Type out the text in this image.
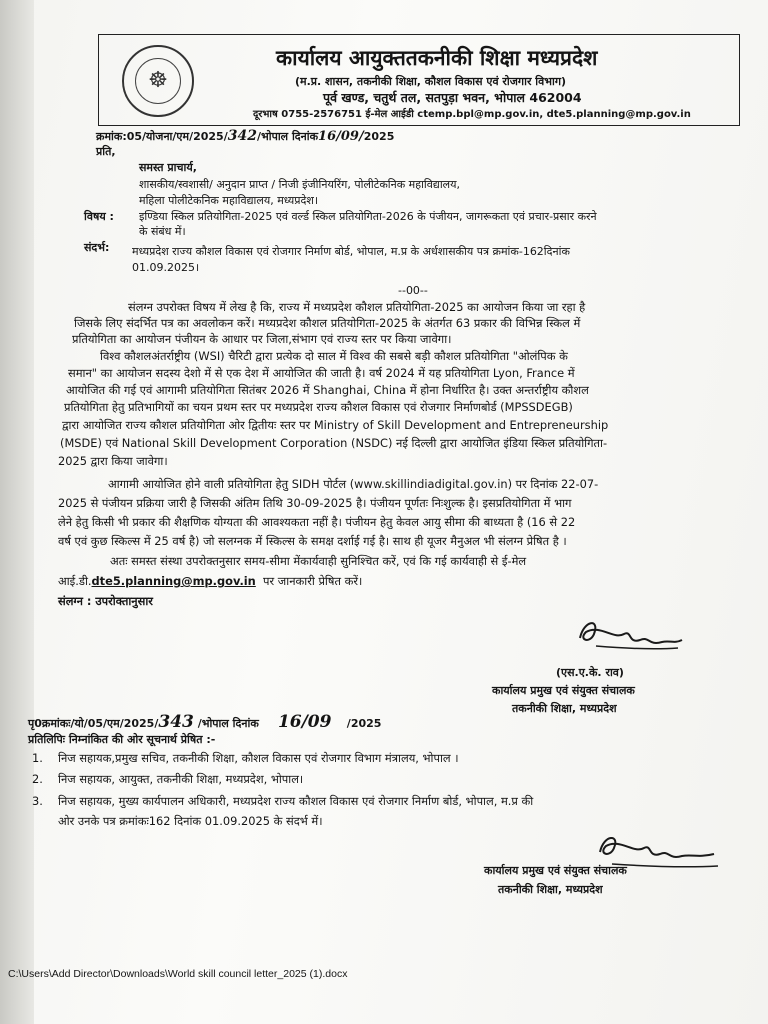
☸
कार्यालय आयुक्ततकनीकी शिक्षा मध्यप्रदेश
(म.प्र. शासन, तकनीकी शिक्षा, कौशल विकास एवं रोजगार विभाग)
पूर्व खण्ड, चतुर्थ तल, सतपुड़ा भवन, भोपाल 462004
दूरभाष 0755-2576751 ई-मेल आईडी ctemp.bpl@mp.gov.in, dte5.planning@mp.gov.in
क्रमांक:05/योजना/एम/2025/342/भोपाल दिनांक16/09/2025
प्रति,
समस्त प्राचार्य,
शासकीय/स्वशासी/ अनुदान प्राप्त / निजी इंजीनियरिंग, पोलीटेकनिक महाविद्यालय,
महिला पोलीटेकनिक महाविद्यालय, मध्यप्रदेश।
विषय : इण्डिया स्किल प्रतियोगिता-2025 एवं वर्ल्ड स्किल प्रतियोगिता-2026 के पंजीयन, जागरूकता एवं प्रचार-प्रसार करने
के संबंध में।
संदर्भ: मध्यप्रदेश राज्य कौशल विकास एवं रोजगार निर्माण बोर्ड, भोपाल, म.प्र के अर्धशासकीय पत्र क्रमांक-162दिनांक
01.09.2025।
--00--
संलग्न उपरोक्त विषय में लेख है कि, राज्य में मध्यप्रदेश कौशल प्रतियोगिता-2025 का आयोजन किया जा रहा है
जिसके लिए संदर्भित पत्र का अवलोकन करें। मध्यप्रदेश कौशल प्रतियोगिता-2025 के अंतर्गत 63 प्रकार की विभिन्न स्किल में
प्रतियोगिता का आयोजन पंजीयन के आधार पर जिला,संभाग एवं राज्य स्तर पर किया जावेगा।
विश्व कौशलअंतर्राष्ट्रीय (WSI) चैरिटी द्वारा प्रत्येक दो साल में विश्व की सबसे बड़ी कौशल प्रतियोगिता "ओलंपिक के
समान" का आयोजन सदस्य देशो में से एक देश में आयोजित की जाती है। वर्ष 2024 में यह प्रतियोगिता Lyon, France में
आयोजित की गई एवं आगामी प्रतियोगिता सितंबर 2026 में Shanghai, China में होना निर्धारित है। उक्त अन्तर्राष्ट्रीय कौशल
प्रतियोगिता हेतु प्रतिभागियों का चयन प्रथम स्तर पर मध्यप्रदेश राज्य कौशल विकास एवं रोजगार निर्माणबोर्ड (MPSSDEGB)
द्वारा आयोजित राज्य कौशल प्रतियोगिता ओर द्वितीयः स्तर पर Ministry of Skill Development and Entrepreneurship
(MSDE) एवं National Skill Development Corporation (NSDC) नई दिल्ली द्वारा आयोजित इंडिया स्किल प्रतियोगिता-
2025 द्वारा किया जावेगा।
आगामी आयोजित होने वाली प्रतियोगिता हेतु SIDH पोर्टल (www.skillindiadigital.gov.in) पर दिनांक 22-07-
2025 से पंजीयन प्रक्रिया जारी है जिसकी अंतिम तिथि 30-09-2025 है। पंजीयन पूर्णतः निःशुल्क है। इसप्रतियोगिता में भाग
लेने हेतु किसी भी प्रकार की शैक्षणिक योग्यता की आवश्यकता नहीं है। पंजीयन हेतु केवल आयु सीमा की बाध्यता है (16 से 22
वर्ष एवं कुछ स्किल्स में 25 वर्ष है) जो सलग्नक में स्किल्स के समक्ष दर्शाई गई है। साथ ही यूजर मैनुअल भी संलग्न प्रेषित है ।
अतः समस्त संस्था उपरोक्तनुसार समय-सीमा मेंकार्यवाही सुनिश्चित करें, एवं कि गई कार्यवाही से ई-मेल
आई.डी.dte5.planning@mp.gov.in पर जानकारी प्रेषित करें।
संलग्न : उपरोक्तानुसार
(एस.ए.के. राव)
कार्यालय प्रमुख एवं संयुक्त संचालक
तकनीकी शिक्षा, मध्यप्रदेश
पृ0क्रमांकः/यो/05/एम/2025/343 /भोपाल दिनांक 16/09 /2025
प्रतिलिपिः निम्नांकित की ओर सूचनार्थ प्रेषित :-
1. निज सहायक,प्रमुख सचिव, तकनीकी शिक्षा, कौशल विकास एवं रोजगार विभाग मंत्रालय, भोपाल ।
2. निज सहायक, आयुक्त, तकनीकी शिक्षा, मध्यप्रदेश, भोपाल।
3. निज सहायक, मुख्य कार्यपालन अधिकारी, मध्यप्रदेश राज्य कौशल विकास एवं रोजगार निर्माण बोर्ड, भोपाल, म.प्र की
ओर उनके पत्र क्रमांकः162 दिनांक 01.09.2025 के संदर्भ में।
कार्यालय प्रमुख एवं संयुक्त संचालक
तकनीकी शिक्षा, मध्यप्रदेश
C:\Users\Add Director\Downloads\World skill council letter_2025 (1).docx
